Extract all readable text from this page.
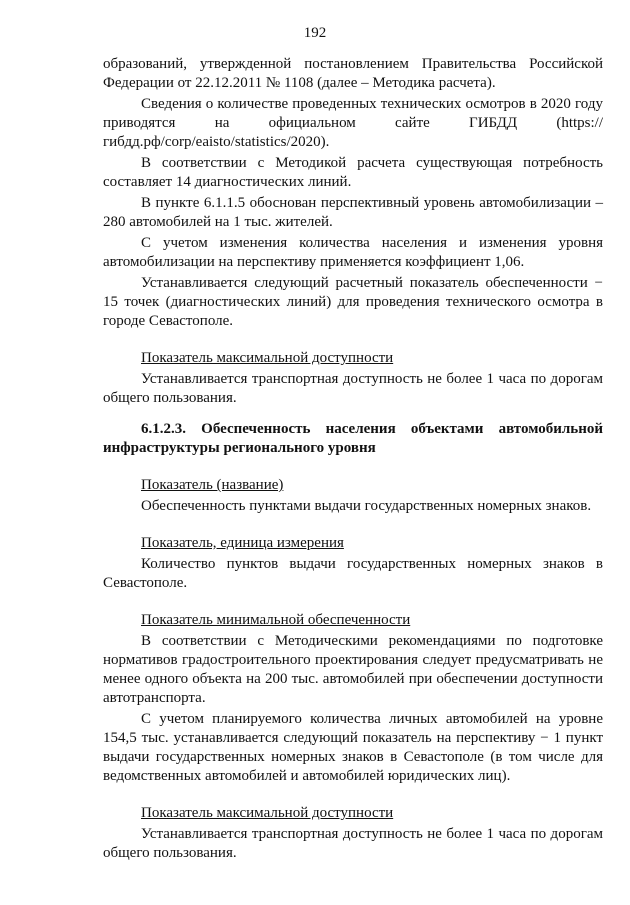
192

образований, утвержденной постановлением Правительства Российской Федерации от 22.12.2011 № 1108 (далее – Методика расчета).

Сведения о количестве проведенных технических осмотров в 2020 году приводятся на официальном сайте ГИБДД (https://гибдд.рф/corp/eaisto/statistics/2020).

В соответствии с Методикой расчета существующая потребность составляет 14 диагностических линий.

В пункте 6.1.1.5 обоснован перспективный уровень автомобилизации – 280 автомобилей на 1 тыс. жителей.

С учетом изменения количества населения и изменения уровня автомобилизации на перспективу применяется коэффициент 1,06.

Устанавливается следующий расчетный показатель обеспеченности − 15 точек (диагностических линий) для проведения технического осмотра в городе Севастополе.

Показатель максимальной доступности

Устанавливается транспортная доступность не более 1 часа по дорогам общего пользования.

6.1.2.3. Обеспеченность населения объектами автомобильной инфраструктуры регионального уровня

Показатель (название)

Обеспеченность пунктами выдачи государственных номерных знаков.

Показатель, единица измерения

Количество пунктов выдачи государственных номерных знаков в Севастополе.

Показатель минимальной обеспеченности

В соответствии с Методическими рекомендациями по подготовке нормативов градостроительного проектирования следует предусматривать не менее одного объекта на 200 тыс. автомобилей при обеспечении доступности автотранспорта.

С учетом планируемого количества личных автомобилей на уровне 154,5 тыс. устанавливается следующий показатель на перспективу − 1 пункт выдачи государственных номерных знаков в Севастополе (в том числе для ведомственных автомобилей и автомобилей юридических лиц).

Показатель максимальной доступности

Устанавливается транспортная доступность не более 1 часа по дорогам общего пользования.
